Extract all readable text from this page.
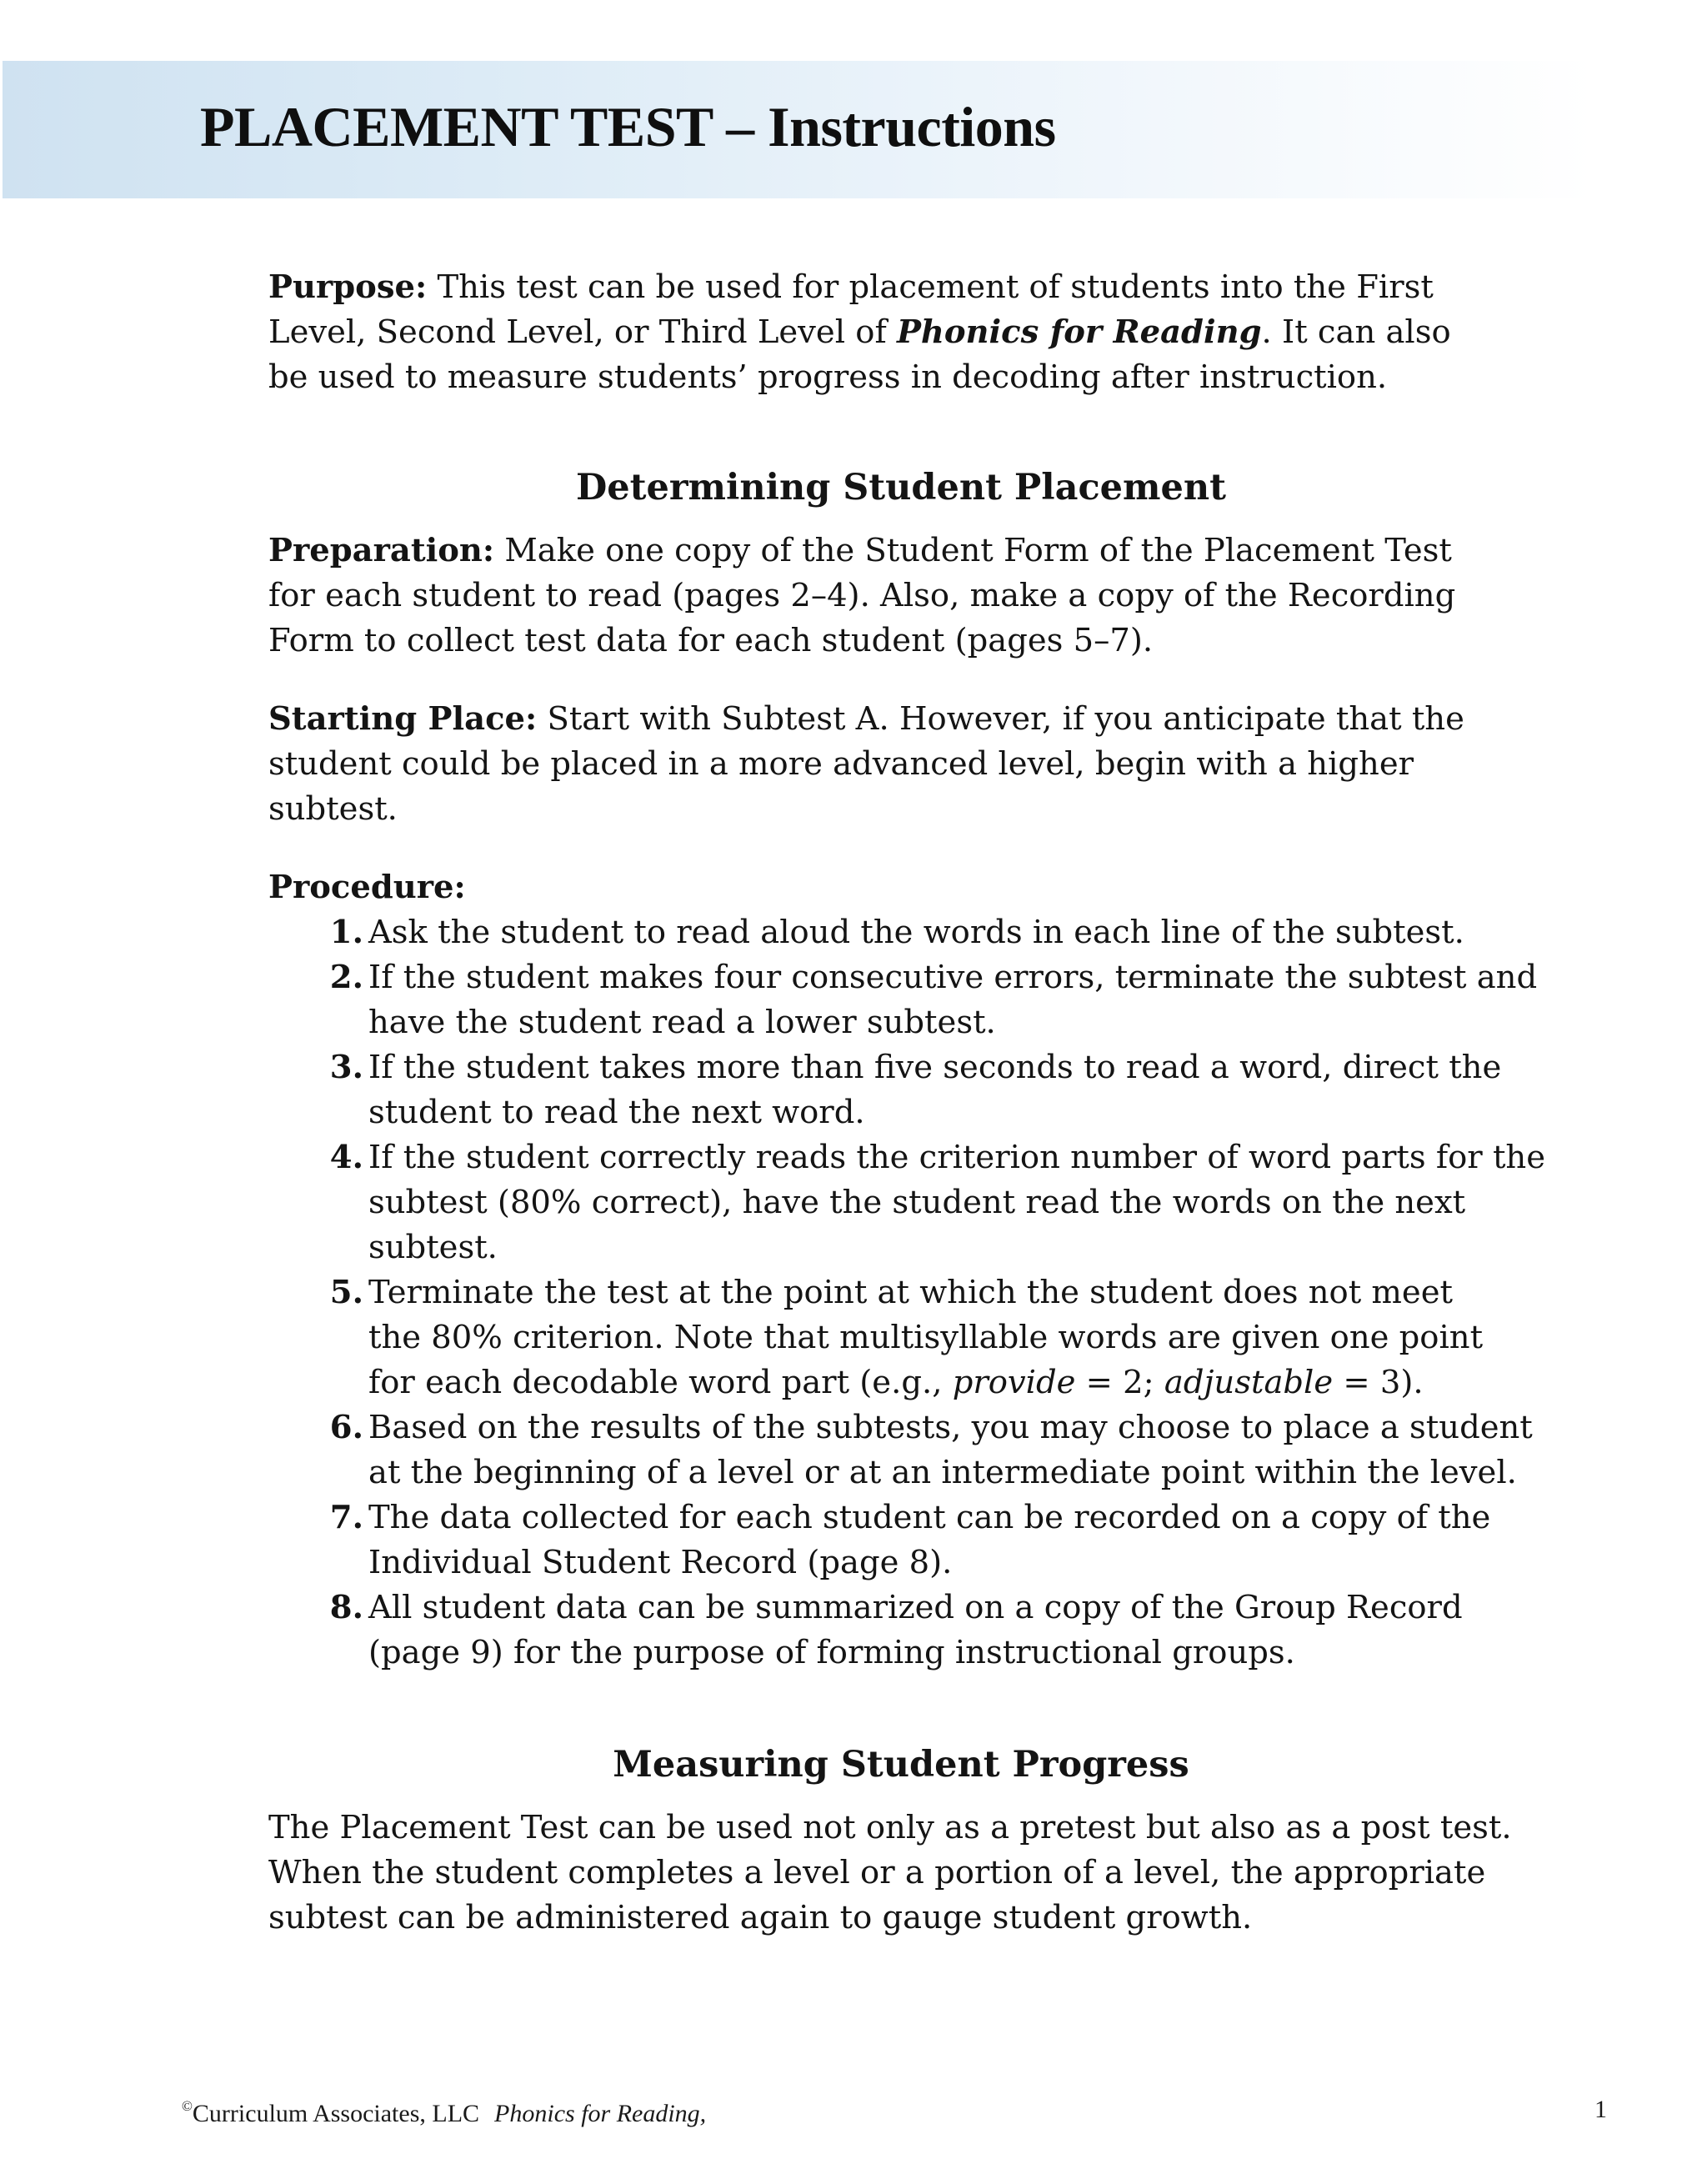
PLACEMENT TEST – Instructions

Purpose: This test can be used for placement of students into the First Level, Second Level, or Third Level of Phonics for Reading. It can also be used to measure students’ progress in decoding after instruction.

Determining Student Placement

Preparation: Make one copy of the Student Form of the Placement Test for each student to read (pages 2–4). Also, make a copy of the Recording Form to collect test data for each student (pages 5–7).

Starting Place: Start with Subtest A. However, if you anticipate that the student could be placed in a more advanced level, begin with a higher subtest.

Procedure:

1. Ask the student to read aloud the words in each line of the subtest.
2. If the student makes four consecutive errors, terminate the subtest and have the student read a lower subtest.
3. If the student takes more than five seconds to read a word, direct the student to read the next word.
4. If the student correctly reads the criterion number of word parts for the subtest (80% correct), have the student read the words on the next subtest.
5. Terminate the test at the point at which the student does not meet the 80% criterion. Note that multisyllable words are given one point for each decodable word part (e.g., provide = 2; adjustable = 3).
6. Based on the results of the subtests, you may choose to place a student at the beginning of a level or at an intermediate point within the level.
7. The data collected for each student can be recorded on a copy of the Individual Student Record (page 8).
8. All student data can be summarized on a copy of the Group Record (page 9) for the purpose of forming instructional groups.
Measuring Student Progress

The Placement Test can be used not only as a pretest but also as a post test. When the student completes a level or a portion of a level, the appropriate subtest can be administered again to gauge student growth.

©Curriculum Associates, LLC Phonics for Reading,	1
